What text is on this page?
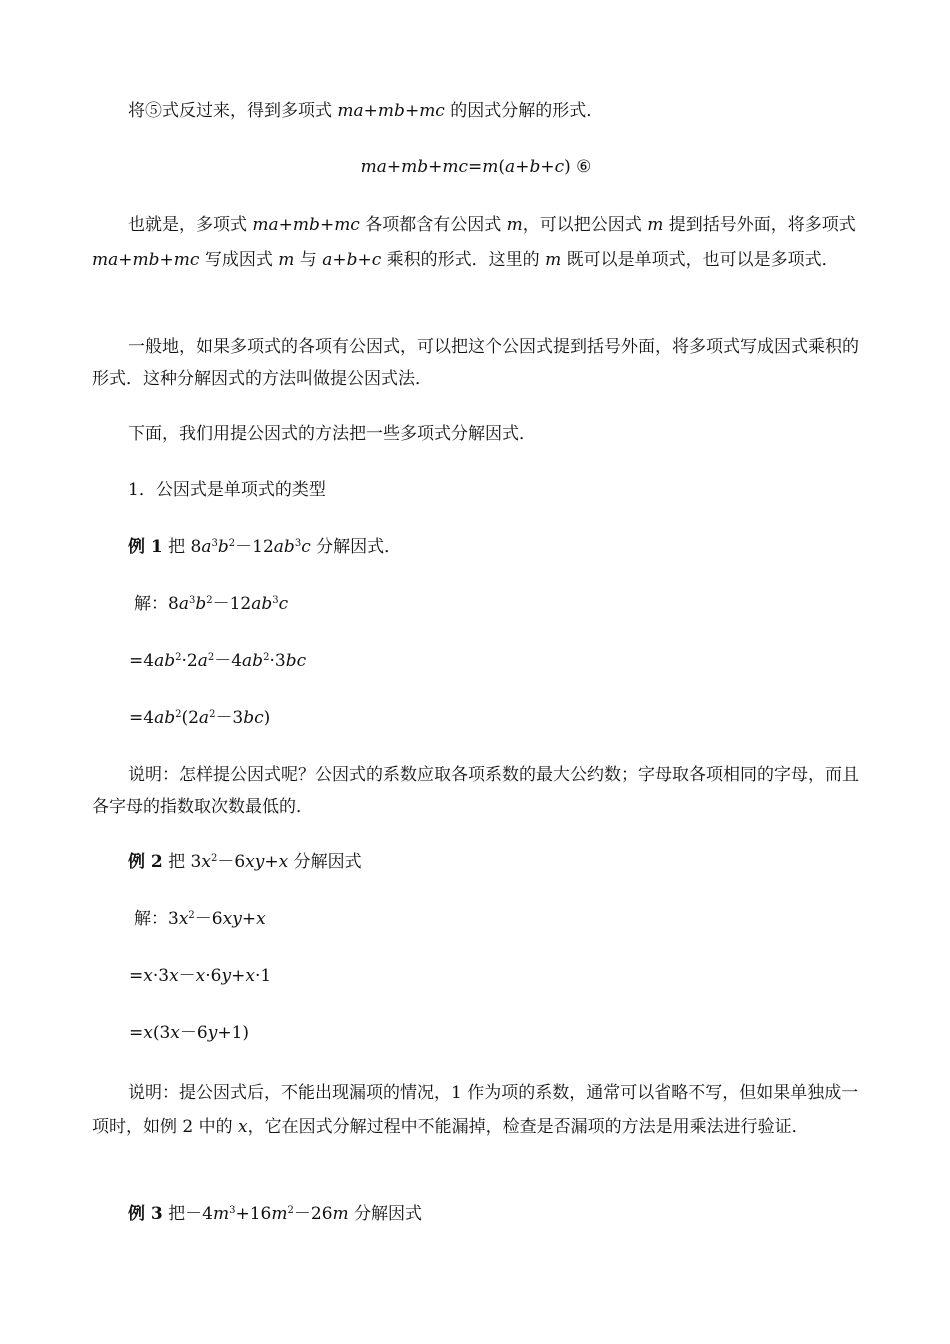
将⑤式反过来，得到多项式 ma+mb+mc 的因式分解的形式．
ma+mb+mc=m(a+b+c) ⑥
也就是，多项式 ma+mb+mc 各项都含有公因式 m，可以把公因式 m 提到括号外面，将多项式 ma+mb+mc 写成因式 m 与 a+b+c 乘积的形式．这里的 m 既可以是单项式，也可以是多项式．
一般地，如果多项式的各项有公因式，可以把这个公因式提到括号外面，将多项式写成因式乘积的形式．这种分解因式的方法叫做提公因式法．
下面，我们用提公因式的方法把一些多项式分解因式．
1．公因式是单项式的类型
例 1 把 $8a^3b^2-12ab^3c$ 分解因式．
解：$8a^3b^2-12ab^3c$
$=4ab^2\cdot 2a^2-4ab^2\cdot 3bc$
$=4ab^2(2a^2-3bc)$
说明：怎样提公因式呢？公因式的系数应取各项系数的最大公约数；字母取各项相同的字母，而且各字母的指数取次数最低的．
例 2 把 $3x^2-6xy+x$ 分解因式
解：$3x^2-6xy+x$
=x·3x－x·6y+x·1
=x(3x－6y+1)
说明：提公因式后，不能出现漏项的情况，1 作为项的系数，通常可以省略不写，但如果单独成一项时，如例 2 中的 x，它在因式分解过程中不能漏掉，检查是否漏项的方法是用乘法进行验证．
例 3 把$-4m^3+16m^2-26m$ 分解因式
